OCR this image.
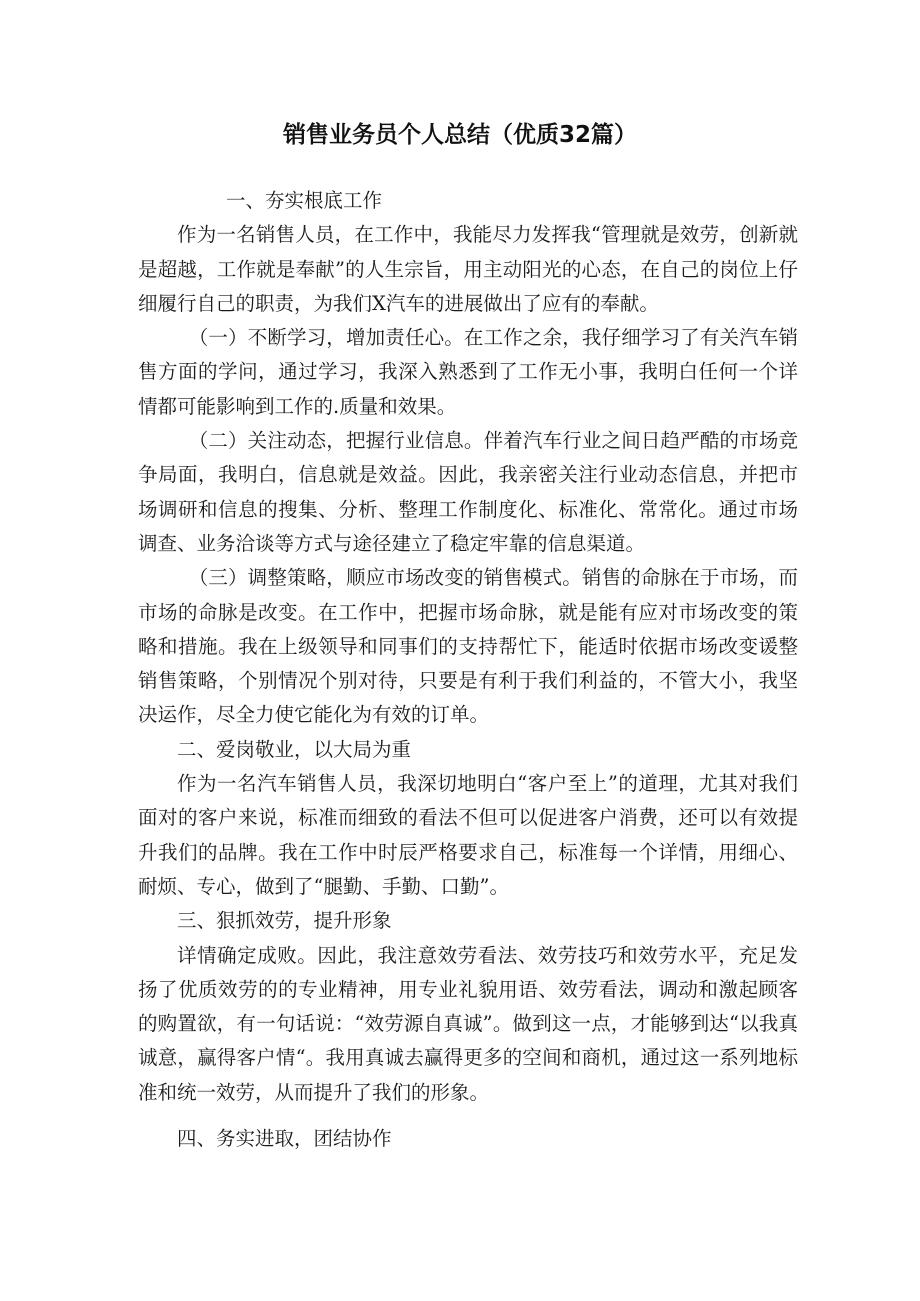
销售业务员个人总结（优质32篇）

一、夯实根底工作

作为一名销售人员，在工作中，我能尽力发挥我“管理就是效劳，创新就是超越，工作就是奉献”的人生宗旨，用主动阳光的心态，在自己的岗位上仔细履行自己的职责，为我们X汽车的进展做出了应有的奉献。

（一）不断学习，增加责任心。在工作之余，我仔细学习了有关汽车销售方面的学问，通过学习，我深入熟悉到了工作无小事，我明白任何一个详情都可能影响到工作的.质量和效果。

（二）关注动态，把握行业信息。伴着汽车行业之间日趋严酷的市场竞争局面，我明白，信息就是效益。因此，我亲密关注行业动态信息，并把市场调研和信息的搜集、分析、整理工作制度化、标准化、常常化。通过市场调查、业务洽谈等方式与途径建立了稳定牢靠的信息渠道。

（三）调整策略，顺应市场改变的销售模式。销售的命脉在于市场，而市场的命脉是改变。在工作中，把握市场命脉，就是能有应对市场改变的策略和措施。我在上级领导和同事们的支持帮忙下，能适时依据市场改变谖整销售策略，个别情况个别对待，只要是有利于我们利益的，不管大小，我坚决运作，尽全力使它能化为有效的订单。

二、爱岗敬业，以大局为重

作为一名汽车销售人员，我深切地明白“客户至上”的道理，尤其对我们面对的客户来说，标准而细致的看法不但可以促进客户消费，还可以有效提升我们的品牌。我在工作中时辰严格要求自己，标准每一个详情，用细心、耐烦、专心，做到了“腿勤、手勤、口勤”。

三、狠抓效劳，提升形象

详情确定成败。因此，我注意效劳看法、效劳技巧和效劳水平，充足发扬了优质效劳的的专业精神，用专业礼貌用语、效劳看法，调动和激起顾客的购置欲，有一句话说：“效劳源自真诚”。做到这一点，才能够到达“以我真诚意，赢得客户情“。我用真诚去赢得更多的空间和商机，通过这一系列地标准和统一效劳，从而提升了我们的形象。

四、务实进取，团结协作
